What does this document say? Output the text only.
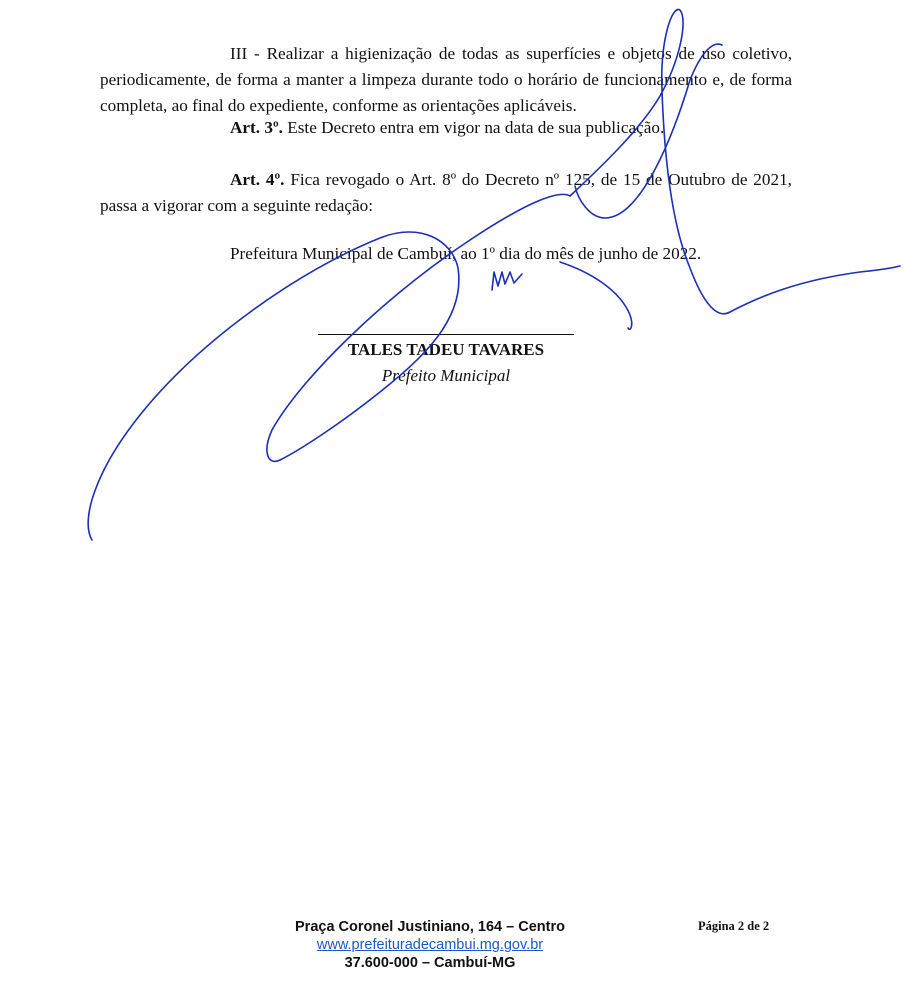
III - Realizar a higienização de todas as superfícies e objetos de uso coletivo, periodicamente, de forma a manter a limpeza durante todo o horário de funcionamento e, de forma completa, ao final do expediente, conforme as orientações aplicáveis.

Art. 3º. Este Decreto entra em vigor na data de sua publicação.

Art. 4º. Fica revogado o Art. 8º do Decreto nº 125, de 15 de Outubro de 2021, passa a vigorar com a seguinte redação:

Prefeitura Municipal de Cambuí, ao 1º dia do mês de junho de 2022.

TALES TADEU TAVARES
Prefeito Municipal
Praça Coronel Justiniano, 164 – Centro
www.prefeituradecambui.mg.gov.br
37.600-000 – Cambuí-MG
Página 2 de 2
